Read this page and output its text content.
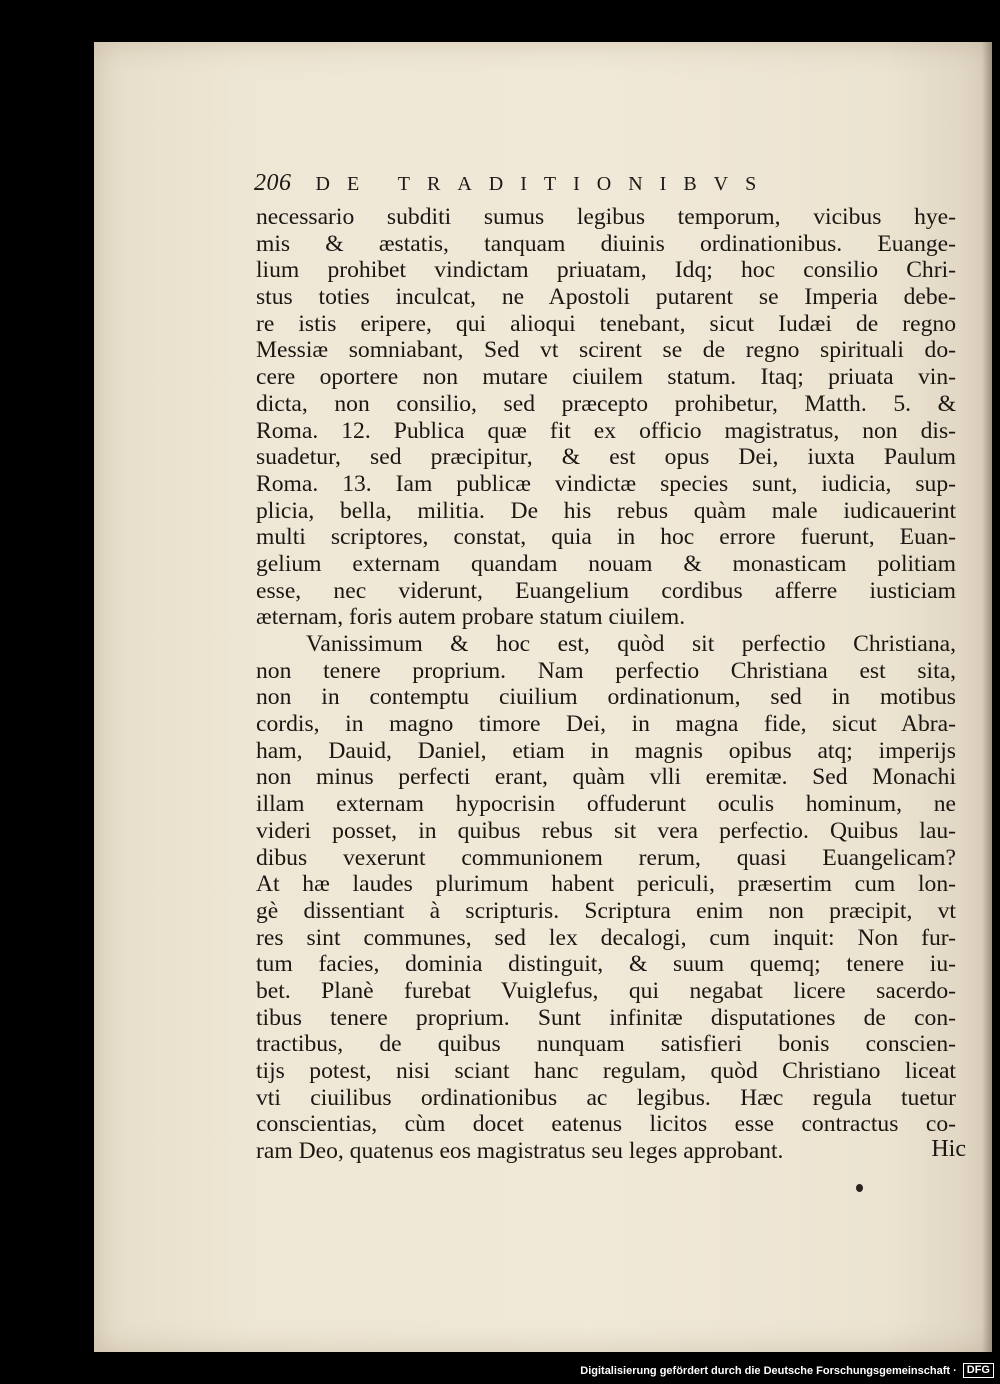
206 DE TRADITIONIBVS
necessario subditi sumus legibus temporum, vicibus hye-
mis & æstatis, tanquam diuinis ordinationibus. Euange-
lium prohibet vindictam priuatam, Idq; hoc consilio Chri-
stus toties inculcat, ne Apostoli putarent se Imperia debe-
re istis eripere, qui alioqui tenebant, sicut Iudæi de regno
Messiæ somniabant, Sed vt scirent se de regno spirituali do-
cere oportere non mutare ciuilem statum. Itaq; priuata vin-
dicta, non consilio, sed præcepto prohibetur, Matth. 5. &
Roma. 12. Publica quæ fit ex officio magistratus, non dis-
suadetur, sed præcipitur, & est opus Dei, iuxta Paulum
Roma. 13. Iam publicæ vindictæ species sunt, iudicia, sup-
plicia, bella, militia. De his rebus quàm male iudicauerint
multi scriptores, constat, quia in hoc errore fuerunt, Euan-
gelium externam quandam nouam & monasticam politiam
esse, nec viderunt, Euangelium cordibus afferre iusticiam
æternam, foris autem probare statum ciuilem.
Vanissimum & hoc est, quòd sit perfectio Christiana,
non tenere proprium. Nam perfectio Christiana est sita,
non in contemptu ciuilium ordinationum, sed in motibus
cordis, in magno timore Dei, in magna fide, sicut Abra-
ham, Dauid, Daniel, etiam in magnis opibus atq; imperijs
non minus perfecti erant, quàm vlli eremitæ. Sed Monachi
illam externam hypocrisin offuderunt oculis hominum, ne
videri posset, in quibus rebus sit vera perfectio. Quibus lau-
dibus vexerunt communionem rerum, quasi Euangelicam?
At hæ laudes plurimum habent periculi, præsertim cum lon-
gè dissentiant à scripturis. Scriptura enim non præcipit, vt
res sint communes, sed lex decalogi, cum inquit: Non fur-
tum facies, dominia distinguit, & suum quemq; tenere iu-
bet. Planè furebat Vuiglefus, qui negabat licere sacerdo-
tibus tenere proprium. Sunt infinitæ disputationes de con-
tractibus, de quibus nunquam satisfieri bonis conscien-
tijs potest, nisi sciant hanc regulam, quòd Christiano liceat
vti ciuilibus ordinationibus ac legibus. Hæc regula tuetur
conscientias, cùm docet eatenus licitos esse contractus co-
ram Deo, quatenus eos magistratus seu leges approbant.	Hic
Digitalisierung gefördert durch die Deutsche Forschungsgemeinschaft · DFG
